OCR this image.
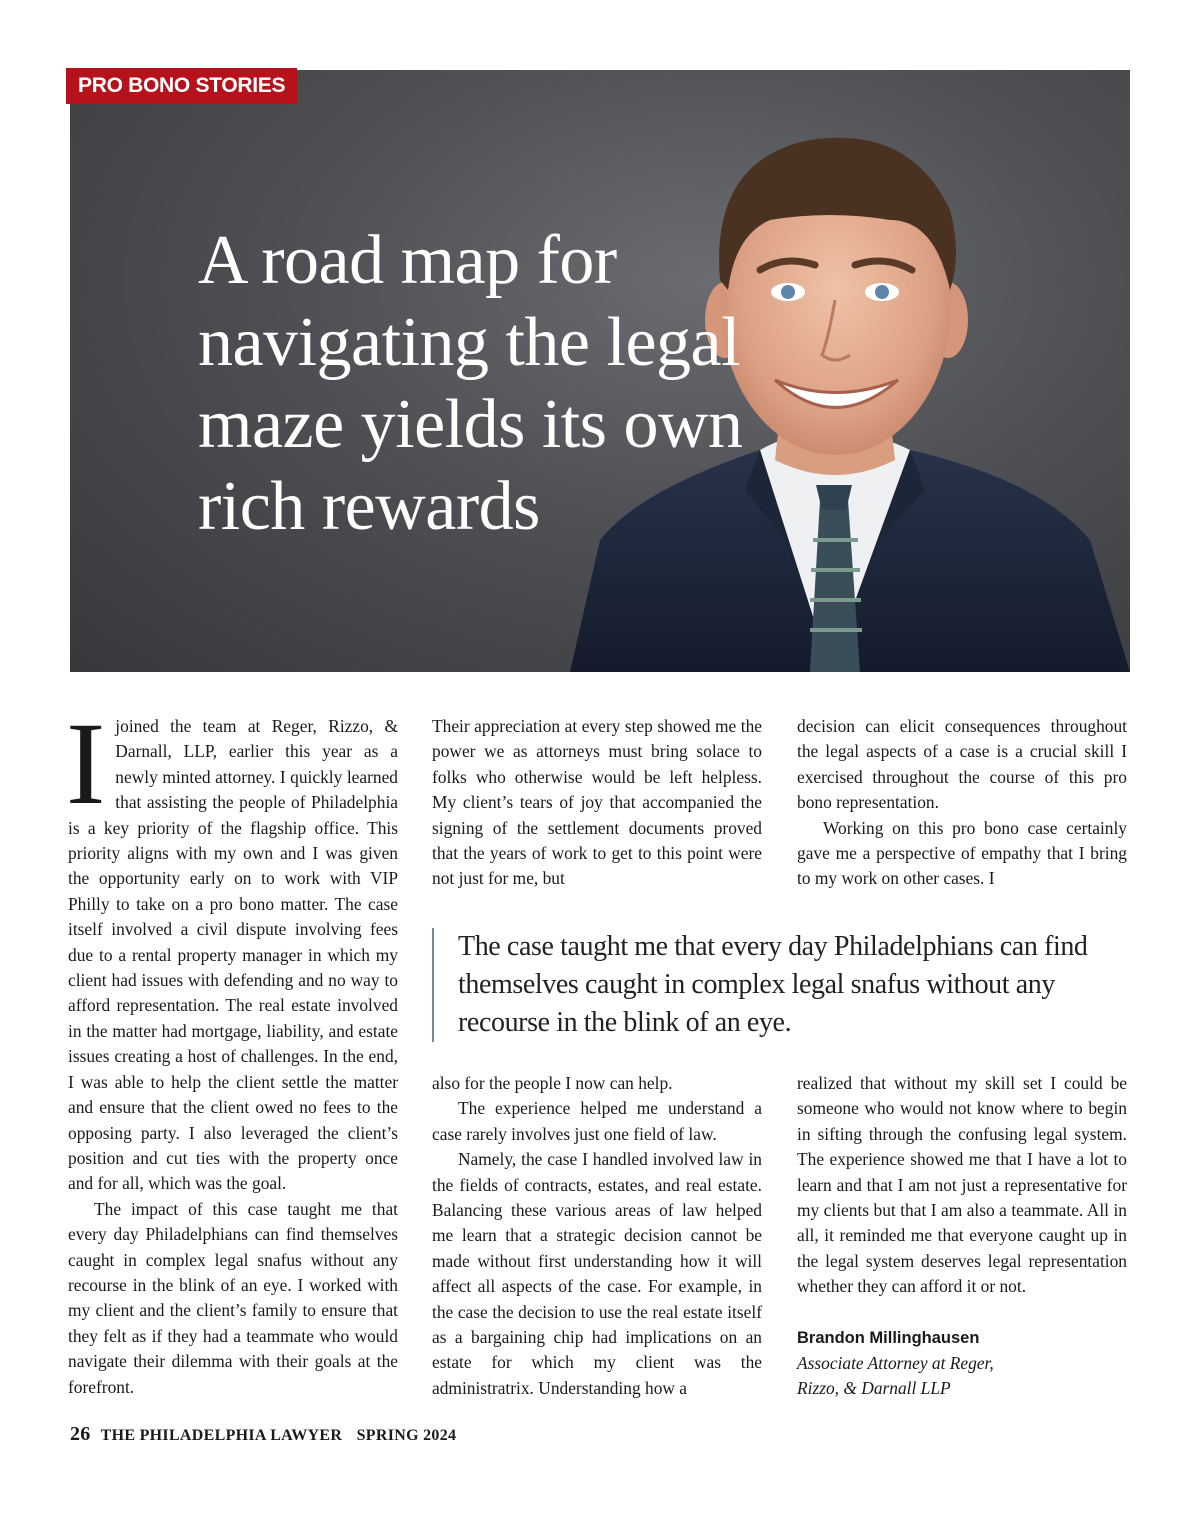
PRO BONO STORIES
A road map for navigating the legal maze yields its own rich rewards

Ijoined the team at Reger, Rizzo, & Darnall, LLP, earlier this year as a newly minted attorney. I quickly learned that assisting the people of Philadelphia is a key priority of the flagship office. This priority aligns with my own and I was given the opportunity early on to work with VIP Philly to take on a pro bono matter. The case itself involved a civil dispute involving fees due to a rental property manager in which my client had issues with defending and no way to afford representation. The real estate involved in the matter had mortgage, liability, and estate issues creating a host of challenges. In the end, I was able to help the client settle the matter and ensure that the client owed no fees to the opposing party. I also leveraged the client’s position and cut ties with the property once and for all, which was the goal.

The impact of this case taught me that every day Philadelphians can find themselves caught in complex legal snafus without any recourse in the blink of an eye. I worked with my client and the client’s family to ensure that they felt as if they had a teammate who would navigate their dilemma with their goals at the forefront.

Their appreciation at every step showed me the power we as attorneys must bring solace to folks who otherwise would be left helpless. My client’s tears of joy that accompanied the signing of the settlement documents proved that the years of work to get to this point were not just for me, but

decision can elicit consequences throughout the legal aspects of a case is a crucial skill I exercised throughout the course of this pro bono representation.

Working on this pro bono case certainly gave me a perspective of empathy that I bring to my work on other cases. I

The case taught me that every day Philadelphians can find themselves caught in complex legal snafus without any recourse in the blink of an eye.

also for the people I now can help.

The experience helped me understand a case rarely involves just one field of law.

Namely, the case I handled involved law in the fields of contracts, estates, and real estate. Balancing these various areas of law helped me learn that a strategic decision cannot be made without first understanding how it will affect all aspects of the case. For example, in the case the decision to use the real estate itself as a bargaining chip had implications on an estate for which my client was the administratrix. Understanding how a

realized that without my skill set I could be someone who would not know where to begin in sifting through the confusing legal system. The experience showed me that I have a lot to learn and that I am not just a representative for my clients but that I am also a teammate. All in all, it reminded me that everyone caught up in the legal system deserves legal representation whether they can afford it or not.

Brandon Millinghausen
Associate Attorney at Reger, Rizzo, & Darnall LLP
26 THE PHILADELPHIA LAWYER SPRING 2024
